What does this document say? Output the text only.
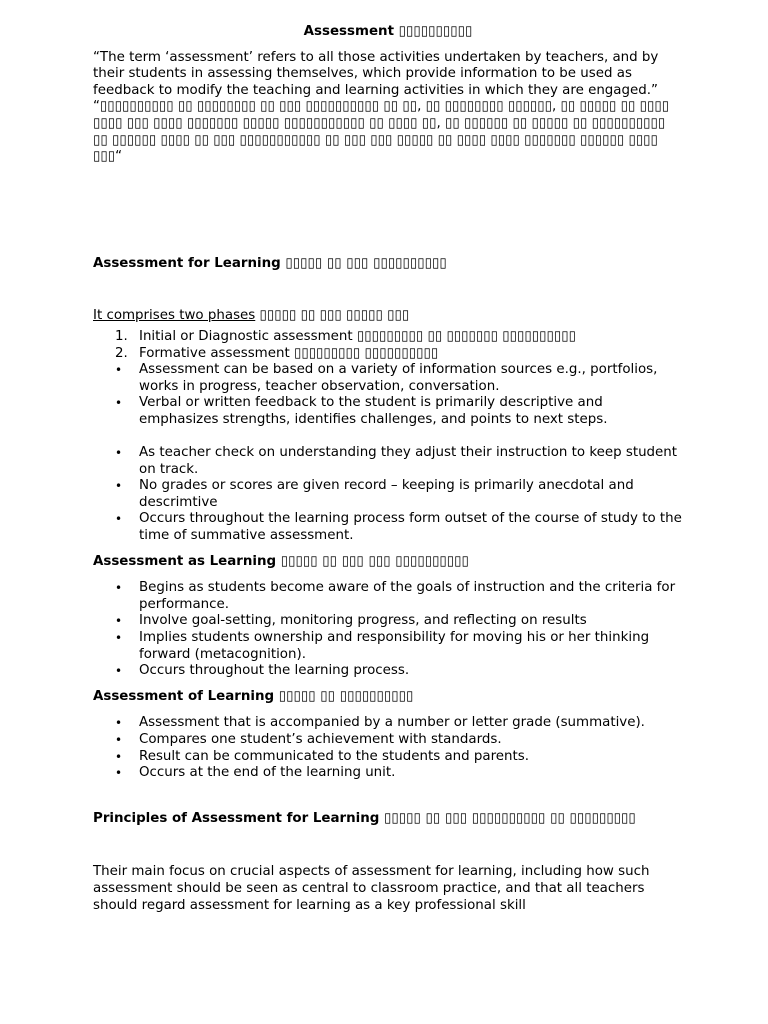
Assessment ▯▯▯▯▯▯▯▯▯▯

“The term ‘assessment’ refers to all those activities undertaken by teachers, and by their students in assessing themselves, which provide information to be used as feedback to modify the teaching and learning activities in which they are engaged.” “▯▯▯▯▯▯▯▯▯▯ ▯▯ ▯▯▯▯▯▯▯▯ ▯▯ ▯▯▯ ▯▯▯▯▯▯▯▯▯▯ ▯▯ ▯▯, ▯▯ ▯▯▯▯▯▯▯▯ ▯▯▯▯▯▯, ▯▯ ▯▯▯▯▯ ▯▯ ▯▯▯▯ ▯▯▯▯ ▯▯▯ ▯▯▯▯ ▯▯▯▯▯▯▯ ▯▯▯▯▯ ▯▯▯▯▯▯▯▯▯▯▯ ▯▯ ▯▯▯▯ ▯▯, ▯▯ ▯▯▯▯▯▯ ▯▯ ▯▯▯▯▯ ▯▯ ▯▯▯▯▯▯▯▯▯▯ ▯▯ ▯▯▯▯▯▯ ▯▯▯▯ ▯▯ ▯▯▯ ▯▯▯▯▯▯▯▯▯▯▯ ▯▯ ▯▯▯ ▯▯▯ ▯▯▯▯▯ ▯▯ ▯▯▯▯ ▯▯▯▯ ▯▯▯▯▯▯▯ ▯▯▯▯▯▯ ▯▯▯▯ ▯▯▯“

Assessment for Learning ▯▯▯▯▯ ▯▯ ▯▯▯ ▯▯▯▯▯▯▯▯▯▯

It comprises two phases ▯▯▯▯▯ ▯▯ ▯▯▯ ▯▯▯▯▯ ▯▯▯

1. Initial or Diagnostic assessment ▯▯▯▯▯▯▯▯▯ ▯▯ ▯▯▯▯▯▯▯ ▯▯▯▯▯▯▯▯▯▯
2. Formative assessment ▯▯▯▯▯▯▯▯▯ ▯▯▯▯▯▯▯▯▯▯
• Assessment can be based on a variety of information sources e.g., portfolios, works in progress, teacher observation, conversation.
• Verbal or written feedback to the student is primarily descriptive and emphasizes strengths, identifies challenges, and points to next steps.
• As teacher check on understanding they adjust their instruction to keep student on track.
• No grades or scores are given record – keeping is primarily anecdotal and descrimtive
• Occurs throughout the learning process form outset of the course of study to the time of summative assessment.

Assessment as Learning ▯▯▯▯▯ ▯▯ ▯▯▯ ▯▯▯ ▯▯▯▯▯▯▯▯▯▯

• Begins as students become aware of the goals of instruction and the criteria for performance.
• Involve goal-setting, monitoring progress, and reflecting on results
• Implies students ownership and responsibility for moving his or her thinking forward (metacognition).
• Occurs throughout the learning process.

Assessment of Learning ▯▯▯▯▯ ▯▯ ▯▯▯▯▯▯▯▯▯▯

• Assessment that is accompanied by a number or letter grade (summative).
• Compares one student’s achievement with standards.
• Result can be communicated to the students and parents.
• Occurs at the end of the learning unit.

Principles of Assessment for Learning ▯▯▯▯▯ ▯▯ ▯▯▯ ▯▯▯▯▯▯▯▯▯▯ ▯▯ ▯▯▯▯▯▯▯▯▯

Their main focus on crucial aspects of assessment for learning, including how such assessment should be seen as central to classroom practice, and that all teachers should regard assessment for learning as a key professional skill
